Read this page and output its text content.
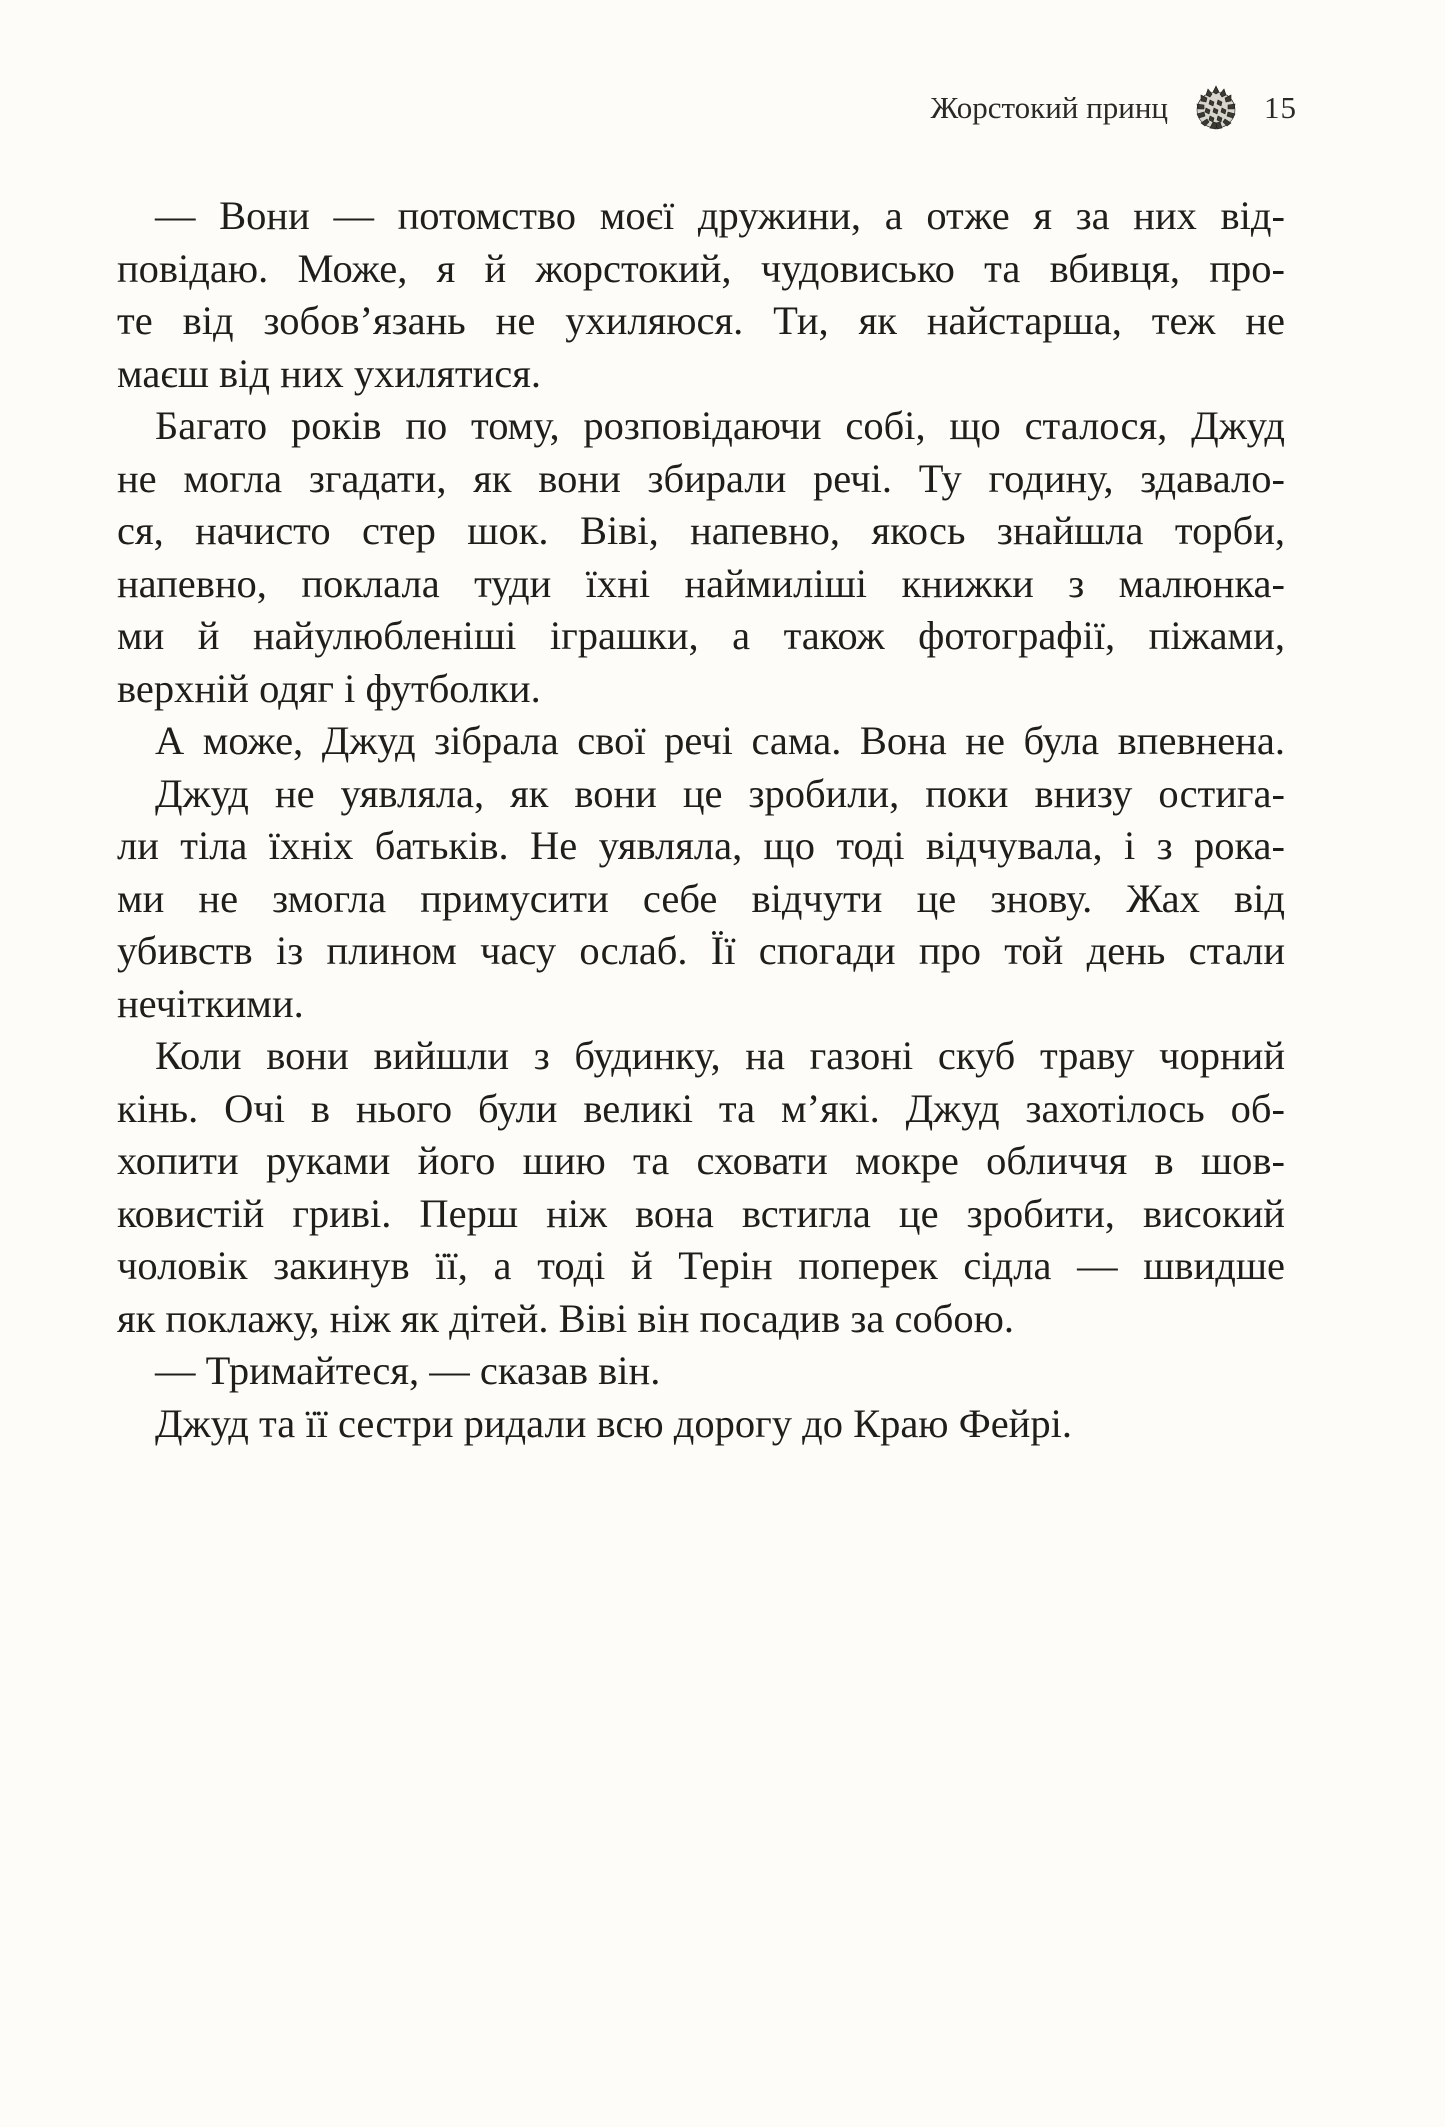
Жорстокий принц	15
— Вони — потомство моєї дружини, а отже я за них від-
повідаю. Може, я й жорстокий, чудовисько та вбивця, про-
те від зобов’язань не ухиляюся. Ти, як найстарша, теж не
маєш від них ухилятися.
Багато років по тому, розповідаючи собі, що сталося, Джуд
не могла згадати, як вони збирали речі. Ту годину, здавало-
ся, начисто стер шок. Віві, напевно, якось знайшла торби,
напевно, поклала туди їхні наймиліші книжки з малюнка-
ми й найулюбленіші іграшки, а також фотографії, піжами,
верхній одяг і футболки.
А може, Джуд зібрала свої речі сама. Вона не була впевнена.
Джуд не уявляла, як вони це зробили, поки внизу остига-
ли тіла їхніх батьків. Не уявляла, що тоді відчувала, і з рока-
ми не змогла примусити себе відчути це знову. Жах від
убивств із плином часу ослаб. Її спогади про той день стали
нечіткими.
Коли вони вийшли з будинку, на газоні скуб траву чорний
кінь. Очі в нього були великі та м’які. Джуд захотілось об-
хопити руками його шию та сховати мокре обличчя в шов-
ковистій гриві. Перш ніж вона встигла це зробити, високий
чоловік закинув її, а тоді й Терін поперек сідла — швидше
як поклажу, ніж як дітей. Віві він посадив за собою.
— Тримайтеся, — сказав він.
Джуд та її сестри ридали всю дорогу до Краю Фейрі.
